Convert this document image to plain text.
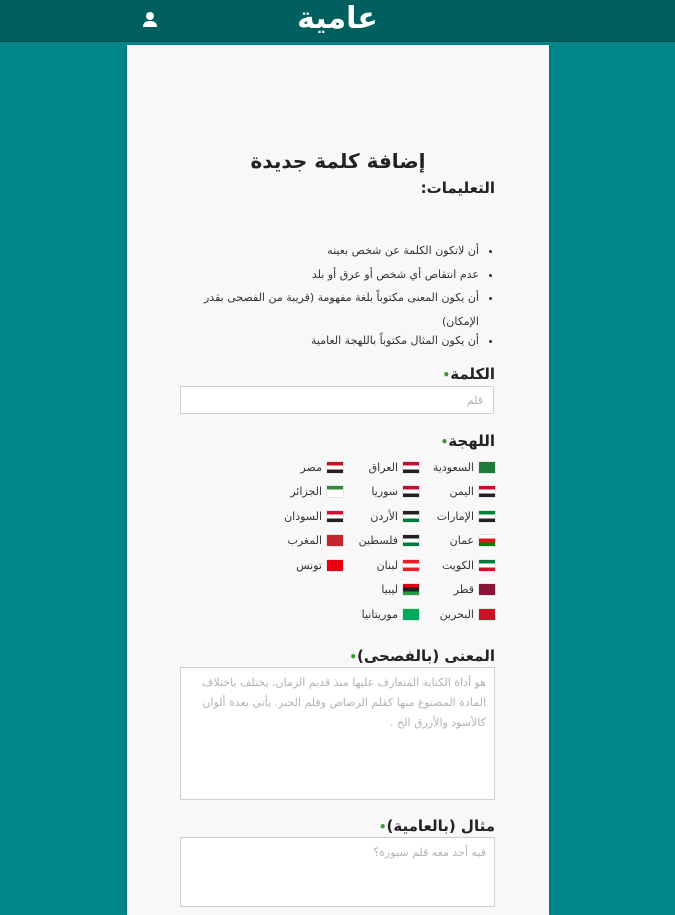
عامية
إضافة كلمة جديدة
التعليمات:
• أن لاتكون الكلمة عن شخص بعينه
• عدم انتقاص أي شخص أو عرق أو بلد
• أن يكون المعنى مكتوباً بلغة مفهومة (قريبة من الفصحى بقدر الإمكان)
• أن يكون المثال مكتوباً باللهجة العامية
الكلمة•
قلم
اللهجة•
السعودية
العراق
مصر
اليمن
سوريا
الجزائر
الإمارات
الأردن
السودان
عمان
فلسطين
المغرب
الكويت
لبنان
تونس
قطر
ليبيا
البحرين
موريتانيا
المعنى (بالفصحى)•
هو أداة الكتابة المتعارف عليها منذ قديم الزمان. يختلف باختلاف المادة المصنوع منها كقلم الرصاص وقلم الحبر. يأتي بعدة ألوان كالأسود والأزرق الخ .
مثال (بالعامية)•
فيه أحد معه قلم سبورة؟
